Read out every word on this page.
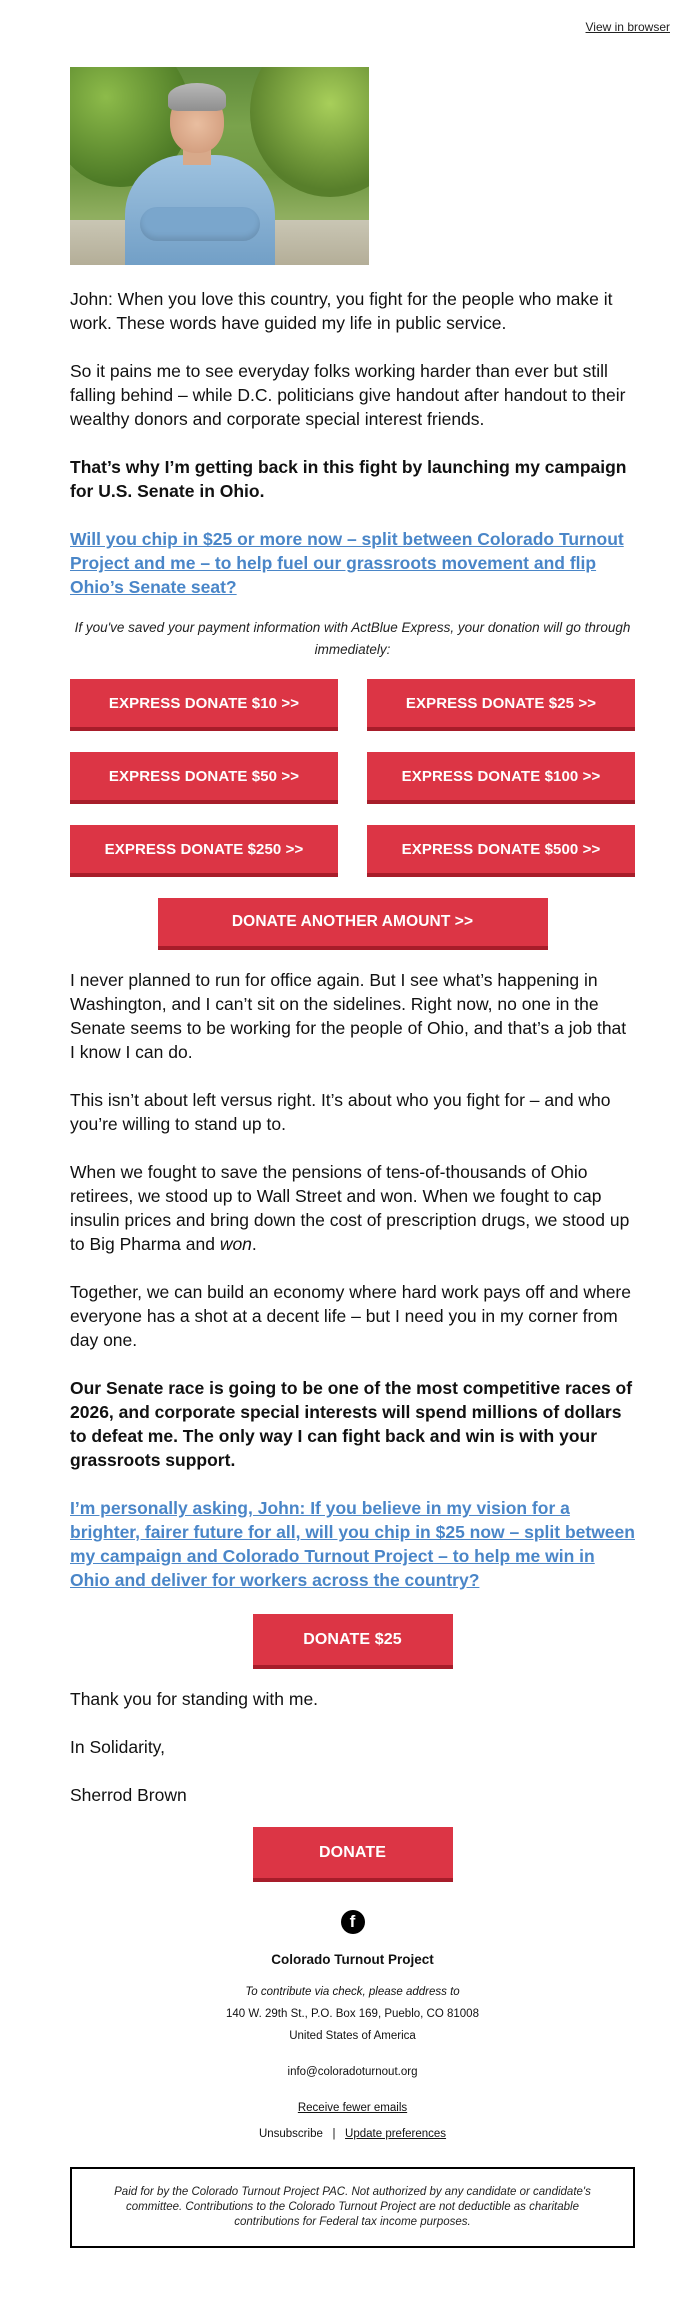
View in browser

John: When you love this country, you fight for the people who make it work. These words have guided my life in public service.

So it pains me to see everyday folks working harder than ever but still falling behind – while D.C. politicians give handout after handout to their wealthy donors and corporate special interest friends.

That’s why I’m getting back in this fight by launching my campaign for U.S. Senate in Ohio.

Will you chip in $25 or more now – split between Colorado Turnout Project and me – to help fuel our grassroots movement and flip Ohio’s Senate seat?

If you've saved your payment information with ActBlue Express, your donation will go through immediately:

EXPRESS DONATE $10 >>	EXPRESS DONATE $25 >>
EXPRESS DONATE $50 >>	EXPRESS DONATE $100 >>
EXPRESS DONATE $250 >>	EXPRESS DONATE $500 >>
DONATE ANOTHER AMOUNT >>

I never planned to run for office again. But I see what’s happening in Washington, and I can’t sit on the sidelines. Right now, no one in the Senate seems to be working for the people of Ohio, and that’s a job that I know I can do.

This isn’t about left versus right. It’s about who you fight for – and who you’re willing to stand up to.

When we fought to save the pensions of tens-of-thousands of Ohio retirees, we stood up to Wall Street and won. When we fought to cap insulin prices and bring down the cost of prescription drugs, we stood up to Big Pharma and won.

Together, we can build an economy where hard work pays off and where everyone has a shot at a decent life – but I need you in my corner from day one.

Our Senate race is going to be one of the most competitive races of 2026, and corporate special interests will spend millions of dollars to defeat me. The only way I can fight back and win is with your grassroots support.

I’m personally asking, John: If you believe in my vision for a brighter, fairer future for all, will you chip in $25 now – split between my campaign and Colorado Turnout Project – to help me win in Ohio and deliver for workers across the country?

DONATE $25

Thank you for standing with me.

In Solidarity,

Sherrod Brown

DONATE
f
Colorado Turnout Project
To contribute via check, please address to
140 W. 29th St., P.O. Box 169, Pueblo, CO 81008
United States of America
info@coloradoturnout.org
Receive fewer emails
Unsubscribe | Update preferences
Paid for by the Colorado Turnout Project PAC. Not authorized by any candidate or candidate's committee. Contributions to the Colorado Turnout Project are not deductible as charitable contributions for Federal tax income purposes.
